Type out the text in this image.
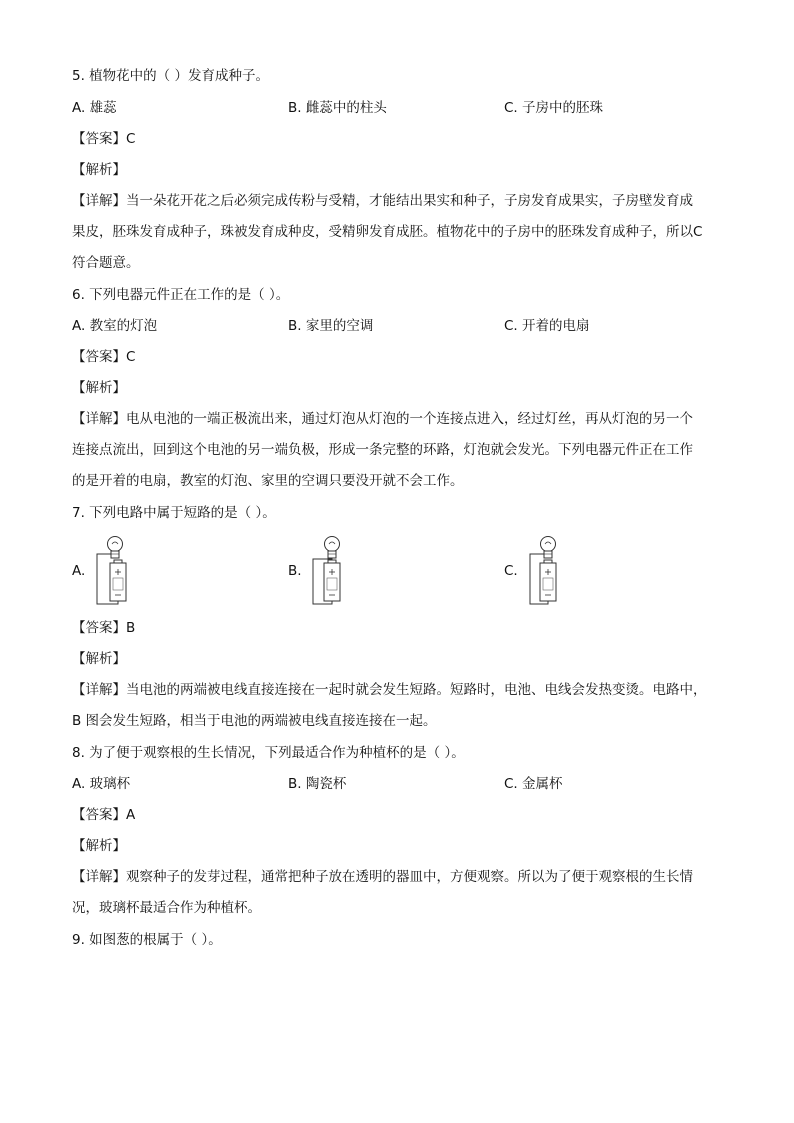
5. 植物花中的（ ）发育成种子。
A. 雄蕊	B. 雌蕊中的柱头	C. 子房中的胚珠
【答案】C
【解析】
【详解】当一朵花开花之后必须完成传粉与受精，才能结出果实和种子，子房发育成果实，子房壁发育成
果皮，胚珠发育成种子，珠被发育成种皮，受精卵发育成胚。植物花中的子房中的胚珠发育成种子，所以C
符合题意。
6. 下列电器元件正在工作的是（ ）。
A. 教室的灯泡	B. 家里的空调	C. 开着的电扇
【答案】C
【解析】
【详解】电从电池的一端正极流出来，通过灯泡从灯泡的一个连接点进入，经过灯丝，再从灯泡的另一个
连接点流出，回到这个电池的另一端负极，形成一条完整的环路，灯泡就会发光。下列电器元件正在工作
的是开着的电扇，教室的灯泡、家里的空调只要没开就不会工作。
7. 下列电路中属于短路的是（ ）。
A.	B.	C.
【答案】B
【解析】
【详解】当电池的两端被电线直接连接在一起时就会发生短路。短路时，电池、电线会发热变烫。电路中，
B 图会发生短路，相当于电池的两端被电线直接连接在一起。
8. 为了便于观察根的生长情况，下列最适合作为种植杯的是（ ）。
A. 玻璃杯	B. 陶瓷杯	C. 金属杯
【答案】A
【解析】
【详解】观察种子的发芽过程，通常把种子放在透明的器皿中，方便观察。所以为了便于观察根的生长情
况，玻璃杯最适合作为种植杯。
9. 如图葱的根属于（ ）。
